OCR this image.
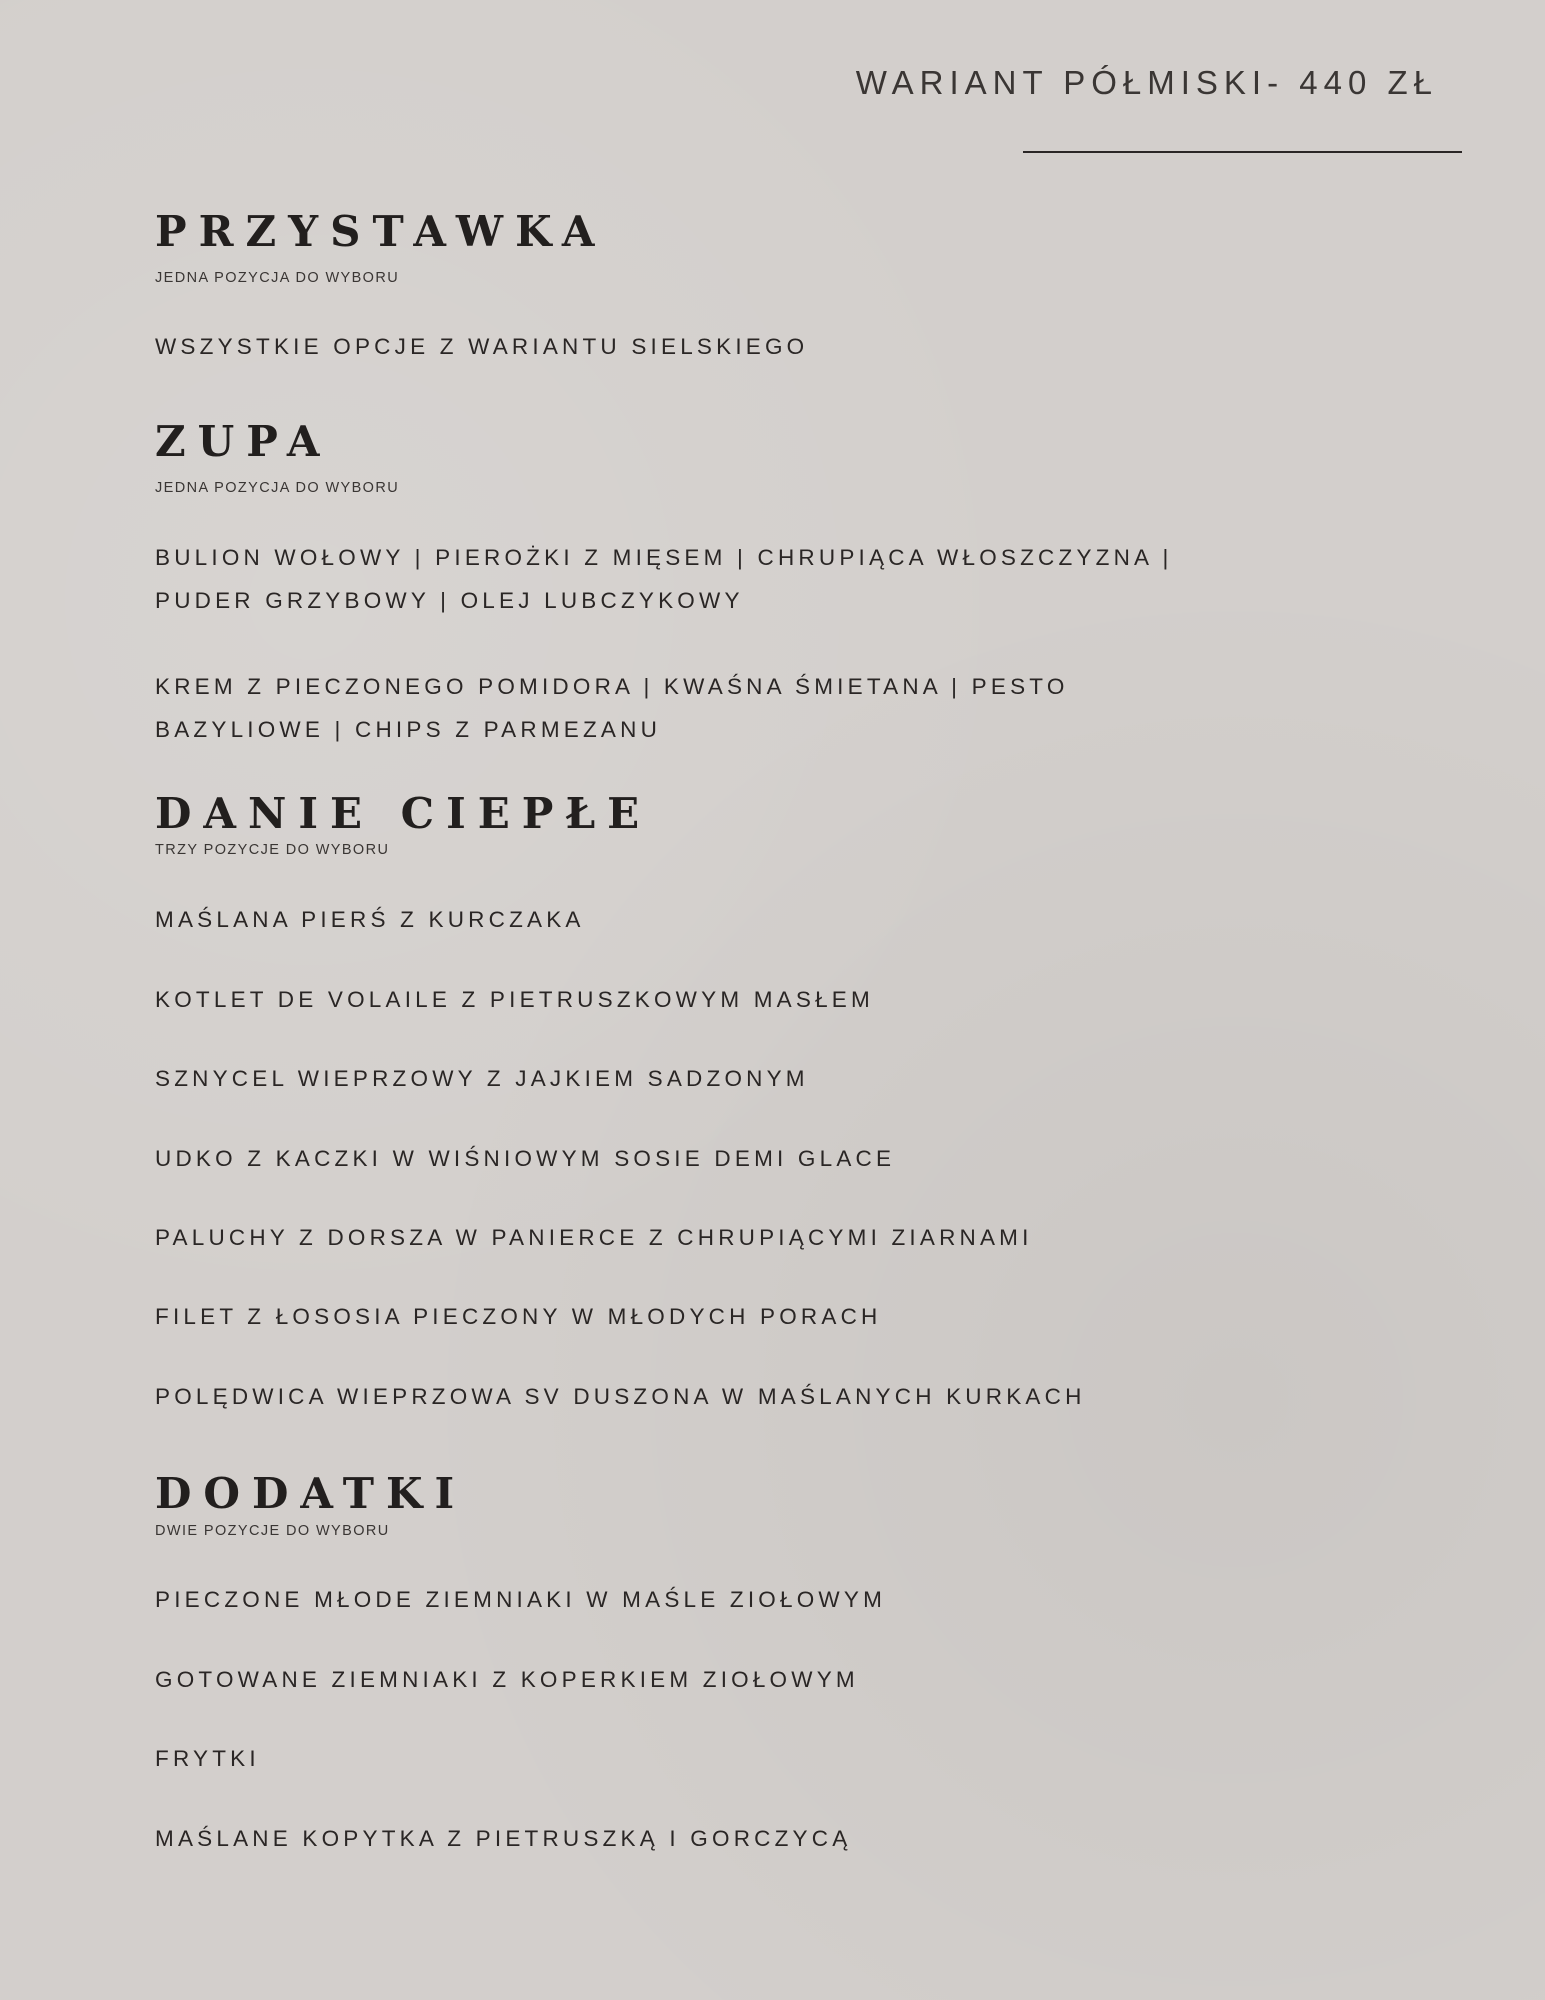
WARIANT PÓŁMISKI- 440 ZŁ
PRZYSTAWKA
JEDNA POZYCJA DO WYBORU

WSZYSTKIE OPCJE Z WARIANTU SIELSKIEGO

ZUPA
JEDNA POZYCJA DO WYBORU

BULION WOŁOWY | PIEROŻKI Z MIĘSEM | CHRUPIĄCA WŁOSZCZYZNA |

PUDER GRZYBOWY | OLEJ LUBCZYKOWY

KREM Z PIECZONEGO POMIDORA | KWAŚNA ŚMIETANA | PESTO

BAZYLIOWE | CHIPS Z PARMEZANU

DANIE CIEPŁE
TRZY POZYCJE DO WYBORU

MAŚLANA PIERŚ Z KURCZAKA

KOTLET DE VOLAILE Z PIETRUSZKOWYM MASŁEM

SZNYCEL WIEPRZOWY Z JAJKIEM SADZONYM

UDKO Z KACZKI W WIŚNIOWYM SOSIE DEMI GLACE

PALUCHY Z DORSZA W PANIERCE Z CHRUPIĄCYMI ZIARNAMI

FILET Z ŁOSOSIA PIECZONY W MŁODYCH PORACH

POLĘDWICA WIEPRZOWA SV DUSZONA W MAŚLANYCH KURKACH

DODATKI
DWIE POZYCJE DO WYBORU

PIECZONE MŁODE ZIEMNIAKI W MAŚLE ZIOŁOWYM

GOTOWANE ZIEMNIAKI Z KOPERKIEM ZIOŁOWYM

FRYTKI

MAŚLANE KOPYTKA Z PIETRUSZKĄ I GORCZYCĄ
